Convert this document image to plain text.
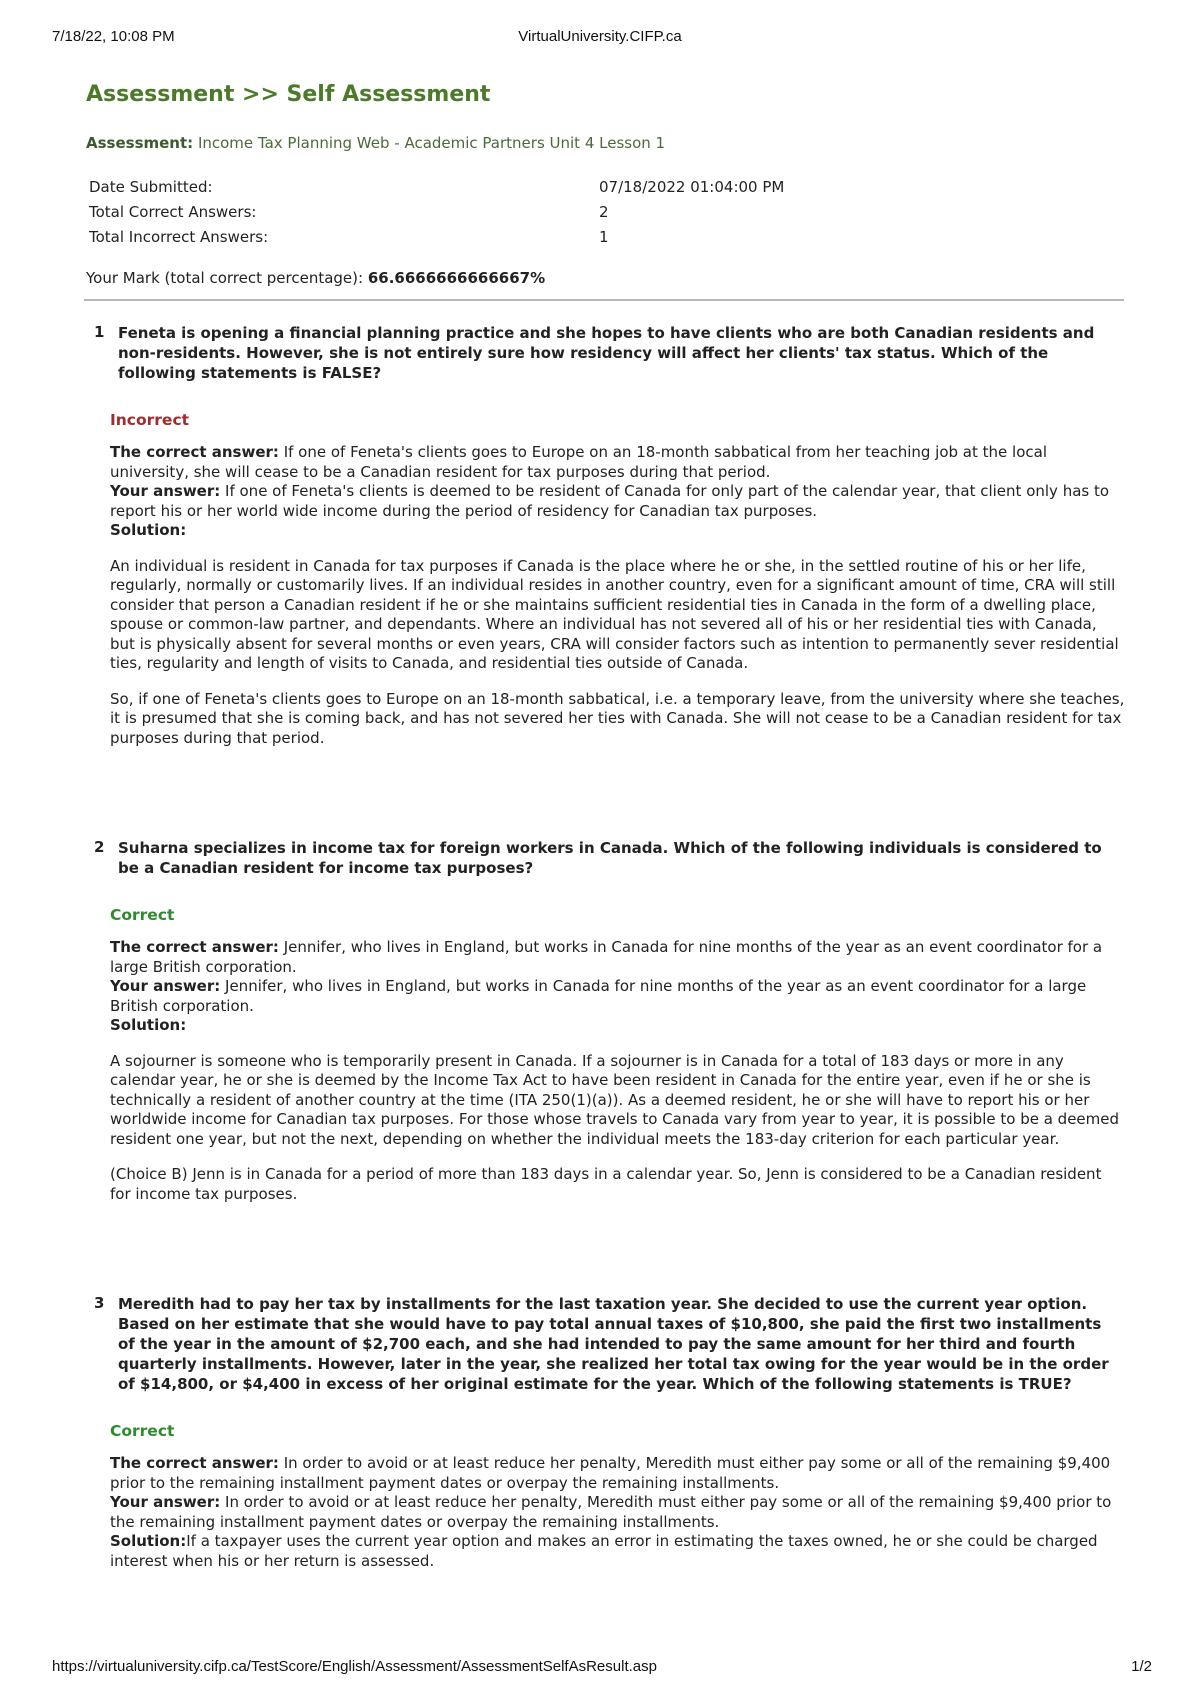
7/18/22, 10:08 PM	VirtualUniversity.CIFP.ca
Assessment >> Self Assessment
Assessment: Income Tax Planning Web - Academic Partners Unit 4 Lesson 1
Date Submitted:	07/18/2022 01:04:00 PM
Total Correct Answers:	2
Total Incorrect Answers:	1
Your Mark (total correct percentage): 66.6666666666667%
1 Feneta is opening a financial planning practice and she hopes to have clients who are both Canadian residents and non-residents. However, she is not entirely sure how residency will affect her clients' tax status. Which of the following statements is FALSE?
Incorrect
The correct answer: If one of Feneta's clients goes to Europe on an 18-month sabbatical from her teaching job at the local university, she will cease to be a Canadian resident for tax purposes during that period.
Your answer: If one of Feneta's clients is deemed to be resident of Canada for only part of the calendar year, that client only has to report his or her world wide income during the period of residency for Canadian tax purposes.
Solution:
An individual is resident in Canada for tax purposes if Canada is the place where he or she, in the settled routine of his or her life, regularly, normally or customarily lives. If an individual resides in another country, even for a significant amount of time, CRA will still consider that person a Canadian resident if he or she maintains sufficient residential ties in Canada in the form of a dwelling place, spouse or common-law partner, and dependants. Where an individual has not severed all of his or her residential ties with Canada, but is physically absent for several months or even years, CRA will consider factors such as intention to permanently sever residential ties, regularity and length of visits to Canada, and residential ties outside of Canada.
So, if one of Feneta's clients goes to Europe on an 18-month sabbatical, i.e. a temporary leave, from the university where she teaches, it is presumed that she is coming back, and has not severed her ties with Canada. She will not cease to be a Canadian resident for tax purposes during that period.
2 Suharna specializes in income tax for foreign workers in Canada. Which of the following individuals is considered to be a Canadian resident for income tax purposes?
Correct
The correct answer: Jennifer, who lives in England, but works in Canada for nine months of the year as an event coordinator for a large British corporation.
Your answer: Jennifer, who lives in England, but works in Canada for nine months of the year as an event coordinator for a large British corporation.
Solution:
A sojourner is someone who is temporarily present in Canada. If a sojourner is in Canada for a total of 183 days or more in any calendar year, he or she is deemed by the Income Tax Act to have been resident in Canada for the entire year, even if he or she is technically a resident of another country at the time (ITA 250(1)(a)). As a deemed resident, he or she will have to report his or her worldwide income for Canadian tax purposes. For those whose travels to Canada vary from year to year, it is possible to be a deemed resident one year, but not the next, depending on whether the individual meets the 183-day criterion for each particular year.
(Choice B) Jenn is in Canada for a period of more than 183 days in a calendar year. So, Jenn is considered to be a Canadian resident for income tax purposes.
3 Meredith had to pay her tax by installments for the last taxation year. She decided to use the current year option. Based on her estimate that she would have to pay total annual taxes of $10,800, she paid the first two installments of the year in the amount of $2,700 each, and she had intended to pay the same amount for her third and fourth quarterly installments. However, later in the year, she realized her total tax owing for the year would be in the order of $14,800, or $4,400 in excess of her original estimate for the year. Which of the following statements is TRUE?
Correct
The correct answer: In order to avoid or at least reduce her penalty, Meredith must either pay some or all of the remaining $9,400 prior to the remaining installment payment dates or overpay the remaining installments.
Your answer: In order to avoid or at least reduce her penalty, Meredith must either pay some or all of the remaining $9,400 prior to the remaining installment payment dates or overpay the remaining installments.
Solution:If a taxpayer uses the current year option and makes an error in estimating the taxes owned, he or she could be charged interest when his or her return is assessed.
https://virtualuniversity.cifp.ca/TestScore/English/Assessment/AssessmentSelfAsResult.asp	1/2
